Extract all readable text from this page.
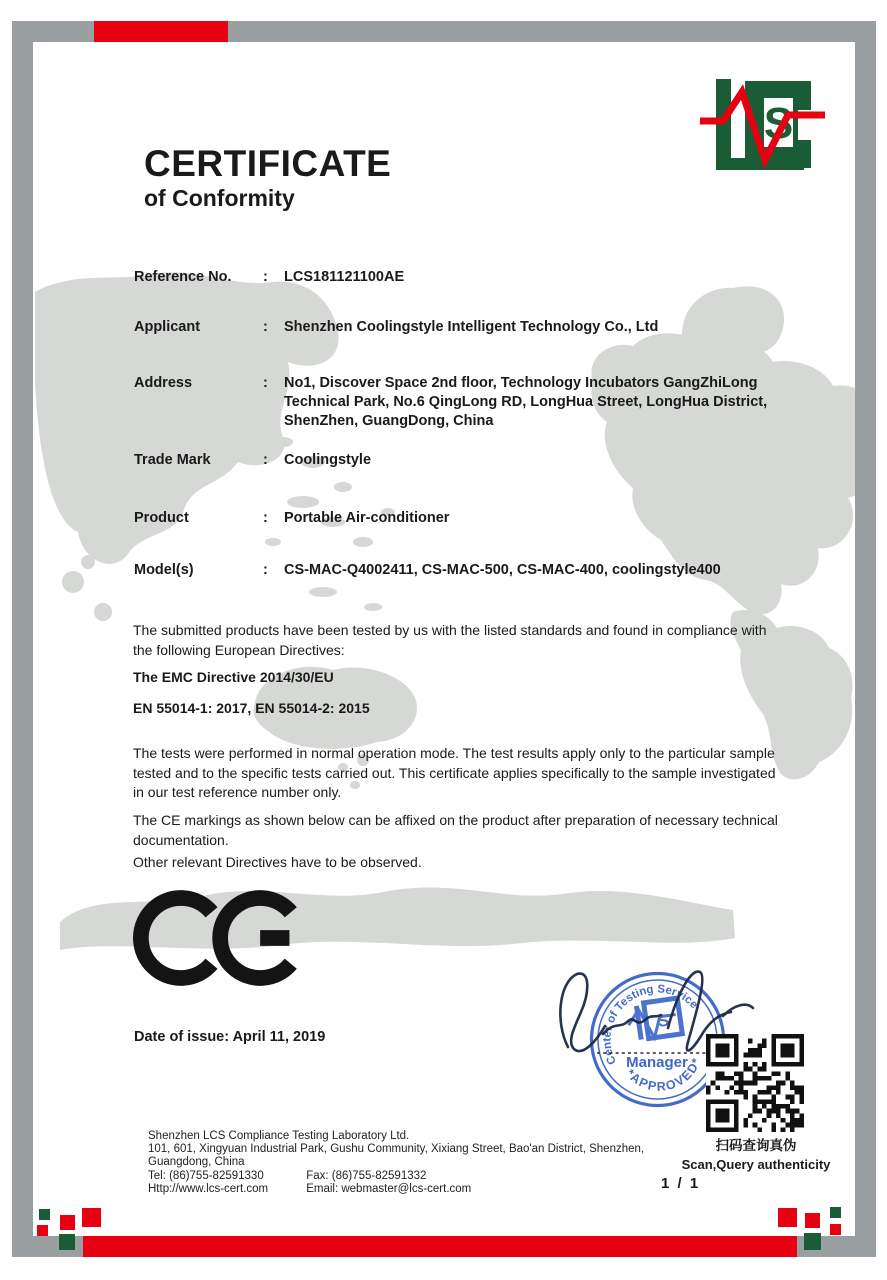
S
CERTIFICATE
of Conformity
Reference No.	: LCS181121100AE
Applicant	: Shenzhen Coolingstyle Intelligent Technology Co., Ltd
Address	: No1, Discover Space 2nd floor, Technology Incubators GangZhiLong Technical Park, No.6 QingLong RD, LongHua Street, LongHua District, ShenZhen, GuangDong, China
Trade Mark	: Coolingstyle
Product	: Portable Air-conditioner
Model(s)	: CS-MAC-Q4002411, CS-MAC-500, CS-MAC-400, coolingstyle400
The submitted products have been tested by us with the listed standards and found in compliance with the following European Directives:
The EMC Directive 2014/30/EU
EN 55014-1: 2017, EN 55014-2: 2015
The tests were performed in normal operation mode. The test results apply only to the particular sample tested and to the specific tests carried out. This certificate applies specifically to the sample investigated in our test reference number only.
The CE markings as shown below can be affixed on the product after preparation of necessary technical documentation.
Other relevant Directives have to be observed.
Date of issue: April 11, 2019
Center of Testing Service
*APPROVED*
S
Manager
扫码查询真伪
Scan,Query authenticity
Shenzhen LCS Compliance Testing Laboratory Ltd.
101, 601, Xingyuan Industrial Park, Gushu Community, Xixiang Street, Bao'an District, Shenzhen,
Guangdong, China
Tel: (86)755-82591330	Fax: (86)755-82591332
Http://www.lcs-cert.com	Email: webmaster@lcs-cert.com	1 / 1
